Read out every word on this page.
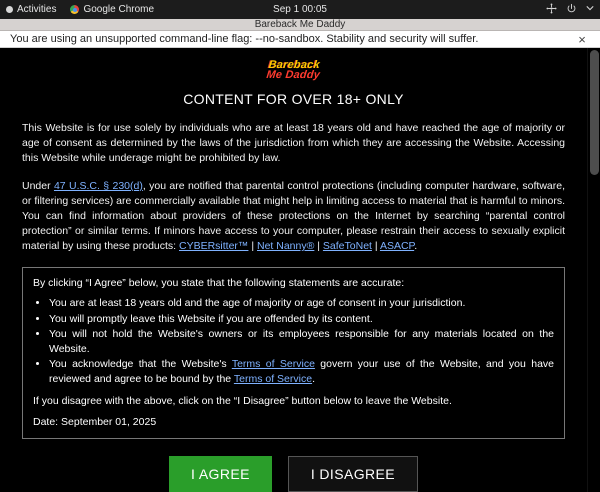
Activities	Google Chrome	Sep 1 00:05
Bareback Me Daddy
You are using an unsupported command-line flag: --no-sandbox. Stability and security will suffer.	×
Bareback
Me Daddy
CONTENT FOR OVER 18+ ONLY

This Website is for use solely by individuals who are at least 18 years old and have reached the age of majority or age of consent as determined by the laws of the jurisdiction from which they are accessing the Website. Accessing this Website while underage might be prohibited by law.

Under 47 U.S.C. § 230(d), you are notified that parental control protections (including computer hardware, software, or filtering services) are commercially available that might help in limiting access to material that is harmful to minors. You can find information about providers of these protections on the Internet by searching “parental control protection” or similar terms. If minors have access to your computer, please restrain their access to sexually explicit material by using these products: CYBERsitter™ | Net Nanny® | SafeToNet | ASACP.

By clicking “I Agree” below, you state that the following statements are accurate:
• You are at least 18 years old and the age of majority or age of consent in your jurisdiction.
• You will promptly leave this Website if you are offended by its content.
• You will not hold the Website's owners or its employees responsible for any materials located on the Website.
• You acknowledge that the Website's Terms of Service govern your use of the Website, and you have reviewed and agree to be bound by the Terms of Service.
If you disagree with the above, click on the “I Disagree” button below to leave the Website.
Date: September 01, 2025
I AGREE	I DISAGREE
